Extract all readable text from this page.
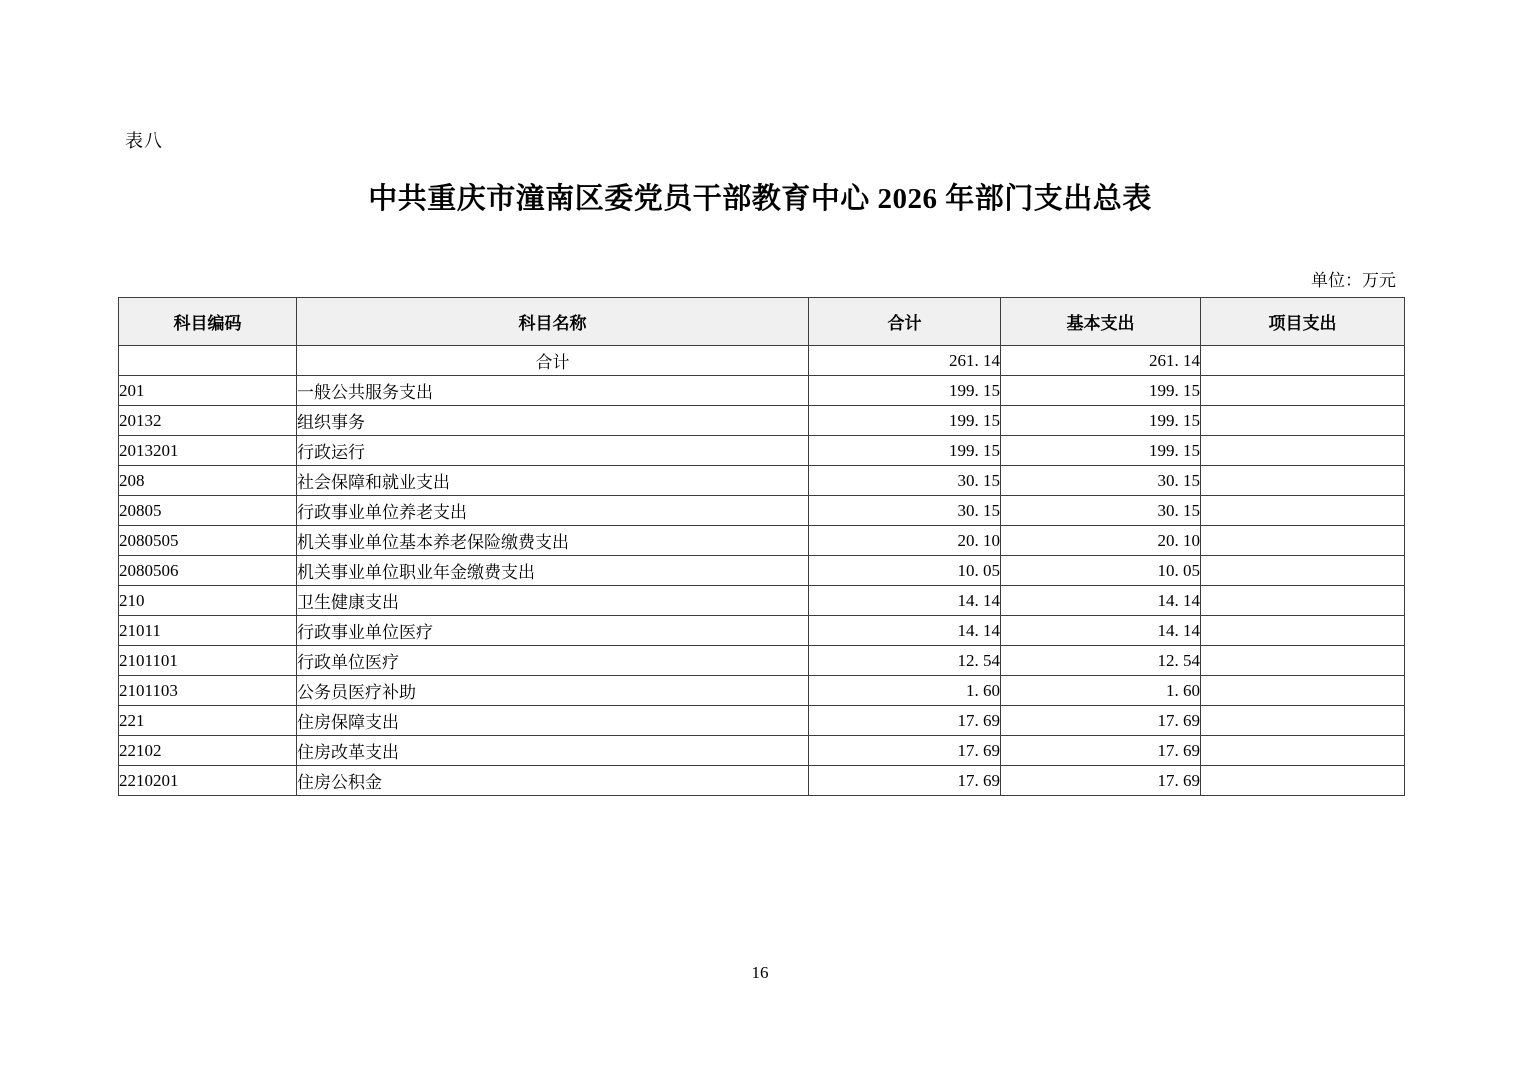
表八
中共重庆市潼南区委党员干部教育中心 2026 年部门支出总表
单位：万元
科目编码	科目名称	合计	基本支出	项目支出
	合计	261. 14	261. 14	
201	一般公共服务支出	199. 15	199. 15	
20132	组织事务	199. 15	199. 15	
2013201	行政运行	199. 15	199. 15	
208	社会保障和就业支出	30. 15	30. 15	
20805	行政事业单位养老支出	30. 15	30. 15	
2080505	机关事业单位基本养老保险缴费支出	20. 10	20. 10	
2080506	机关事业单位职业年金缴费支出	10. 05	10. 05	
210	卫生健康支出	14. 14	14. 14	
21011	行政事业单位医疗	14. 14	14. 14	
2101101	行政单位医疗	12. 54	12. 54	
2101103	公务员医疗补助	1. 60	1. 60	
221	住房保障支出	17. 69	17. 69	
22102	住房改革支出	17. 69	17. 69	
2210201	住房公积金	17. 69	17. 69	
16
